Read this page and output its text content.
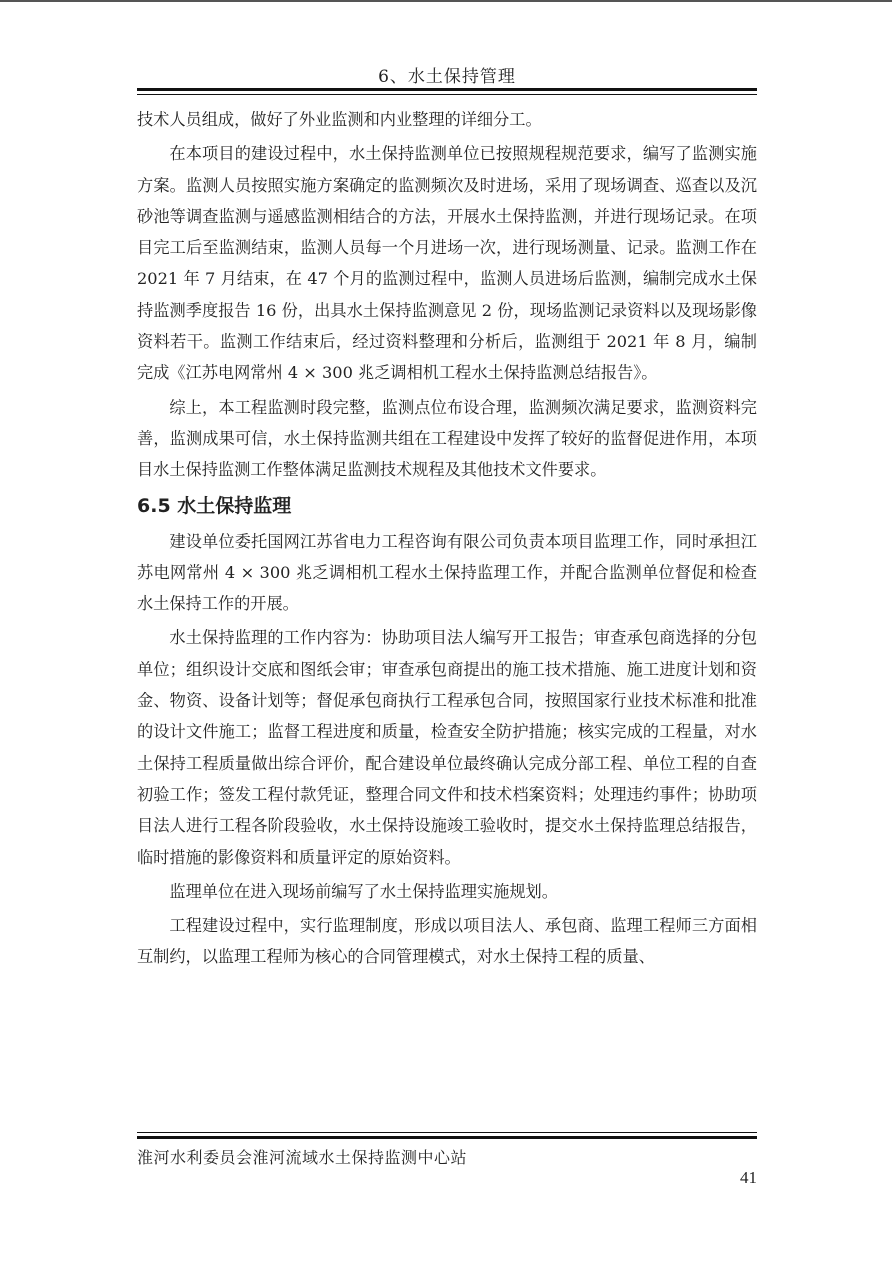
6、水土保持管理

技术人员组成，做好了外业监测和内业整理的详细分工。

在本项目的建设过程中，水土保持监测单位已按照规程规范要求，编写了监测实施方案。监测人员按照实施方案确定的监测频次及时进场，采用了现场调查、巡查以及沉砂池等调查监测与遥感监测相结合的方法，开展水土保持监测，并进行现场记录。在项目完工后至监测结束，监测人员每一个月进场一次，进行现场测量、记录。监测工作在 2021 年 7 月结束，在 47 个月的监测过程中，监测人员进场后监测，编制完成水土保持监测季度报告 16 份，出具水土保持监测意见 2 份，现场监测记录资料以及现场影像资料若干。监测工作结束后，经过资料整理和分析后，监测组于 2021 年 8 月，编制完成《江苏电网常州 4 × 300 兆乏调相机工程水土保持监测总结报告》。

综上，本工程监测时段完整，监测点位布设合理，监测频次满足要求，监测资料完善，监测成果可信，水土保持监测共组在工程建设中发挥了较好的监督促进作用，本项目水土保持监测工作整体满足监测技术规程及其他技术文件要求。

6.5 水土保持监理

建设单位委托国网江苏省电力工程咨询有限公司负责本项目监理工作，同时承担江苏电网常州 4 × 300 兆乏调相机工程水土保持监理工作，并配合监测单位督促和检查水土保持工作的开展。

水土保持监理的工作内容为：协助项目法人编写开工报告；审查承包商选择的分包单位；组织设计交底和图纸会审；审查承包商提出的施工技术措施、施工进度计划和资金、物资、设备计划等；督促承包商执行工程承包合同，按照国家行业技术标准和批准的设计文件施工；监督工程进度和质量，检查安全防护措施；核实完成的工程量，对水土保持工程质量做出综合评价，配合建设单位最终确认完成分部工程、单位工程的自查初验工作；签发工程付款凭证，整理合同文件和技术档案资料；处理违约事件；协助项目法人进行工程各阶段验收，水土保持设施竣工验收时，提交水土保持监理总结报告，临时措施的影像资料和质量评定的原始资料。

监理单位在进入现场前编写了水土保持监理实施规划。

工程建设过程中，实行监理制度，形成以项目法人、承包商、监理工程师三方面相互制约，以监理工程师为核心的合同管理模式，对水土保持工程的质量、

淮河水利委员会淮河流域水土保持监测中心站
41
